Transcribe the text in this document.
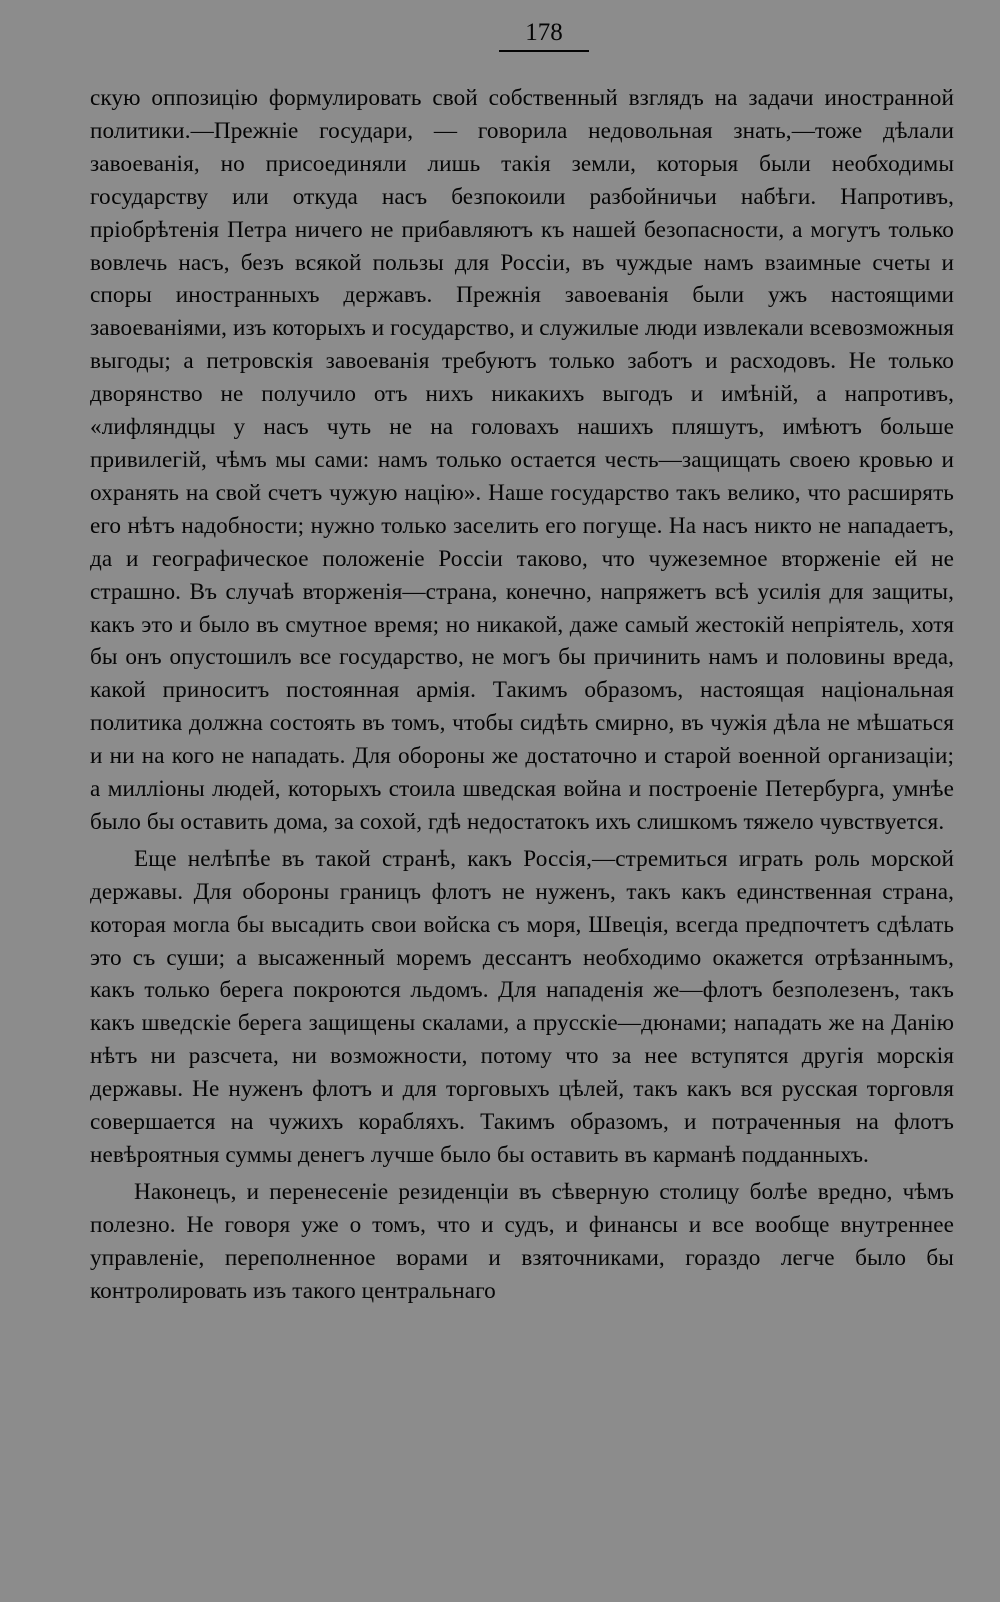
178

скую оппозицію формулировать свой собственный взглядъ на задачи иностранной политики.—Прежніе государи, — говорила недовольная знать,—тоже дѣлали завоеванія, но присоединяли лишь такія земли, которыя были необходимы государству или откуда насъ безпокоили разбойничьи набѣги. Напротивъ, пріобрѣтенія Петра ничего не прибавляютъ къ нашей безопасности, а могутъ только вовлечь насъ, безъ всякой пользы для Россіи, въ чуждые намъ взаимные счеты и споры иностранныхъ державъ. Прежнія завоеванія были ужъ настоящими завоеваніями, изъ которыхъ и государство, и служилые люди извлекали всевозможныя выгоды; а петровскія завоеванія требуютъ только заботъ и расходовъ. Не только дворянство не получило отъ нихъ никакихъ выгодъ и имѣній, а напротивъ, «лифляндцы у насъ чуть не на головахъ нашихъ пляшутъ, имѣютъ больше привилегій, чѣмъ мы сами: намъ только остается честь—защищать своею кровью и охранять на свой счетъ чужую націю». Наше государство такъ велико, что расширять его нѣтъ надобности; нужно только заселить его погуще. На насъ никто не нападаетъ, да и географическое положеніе Россіи таково, что чужеземное вторженіе ей не страшно. Въ случаѣ вторженія—страна, конечно, напряжетъ всѣ усилія для защиты, какъ это и было въ смутное время; но никакой, даже самый жестокій непріятель, хотя бы онъ опустошилъ все государство, не могъ бы причинить намъ и половины вреда, какой приноситъ постоянная армія. Такимъ образомъ, настоящая національная политика должна состоять въ томъ, чтобы сидѣть смирно, въ чужія дѣла не мѣшаться и ни на кого не нападать. Для обороны же достаточно и старой военной организаціи; а милліоны людей, которыхъ стоила шведская война и построеніе Петербурга, умнѣе было бы оставить дома, за сохой, гдѣ недостатокъ ихъ слишкомъ тяжело чувствуется.

Еще нелѣпѣе въ такой странѣ, какъ Россія,—стремиться играть роль морской державы. Для обороны границъ флотъ не нуженъ, такъ какъ единственная страна, которая могла бы высадить свои войска съ моря, Швеція, всегда предпочтетъ сдѣлать это съ суши; а высаженный моремъ дессантъ необходимо окажется отрѣзаннымъ, какъ только берега покроются льдомъ. Для нападенія же—флотъ безполезенъ, такъ какъ шведскіе берега защищены скалами, а прусскіе—дюнами; нападать же на Данію нѣтъ ни разсчета, ни возможности, потому что за нее вступятся другія морскія державы. Не нуженъ флотъ и для торговыхъ цѣлей, такъ какъ вся русская торговля совершается на чужихъ корабляхъ. Такимъ образомъ, и потраченныя на флотъ невѣроятныя суммы денегъ лучше было бы оставить въ карманѣ подданныхъ.

Наконецъ, и перенесеніе резиденціи въ сѣверную столицу болѣе вредно, чѣмъ полезно. Не говоря уже о томъ, что и судъ, и финансы и все вообще внутреннее управленіе, переполненное ворами и взяточниками, гораздо легче было бы контролировать изъ такого центральнаго
